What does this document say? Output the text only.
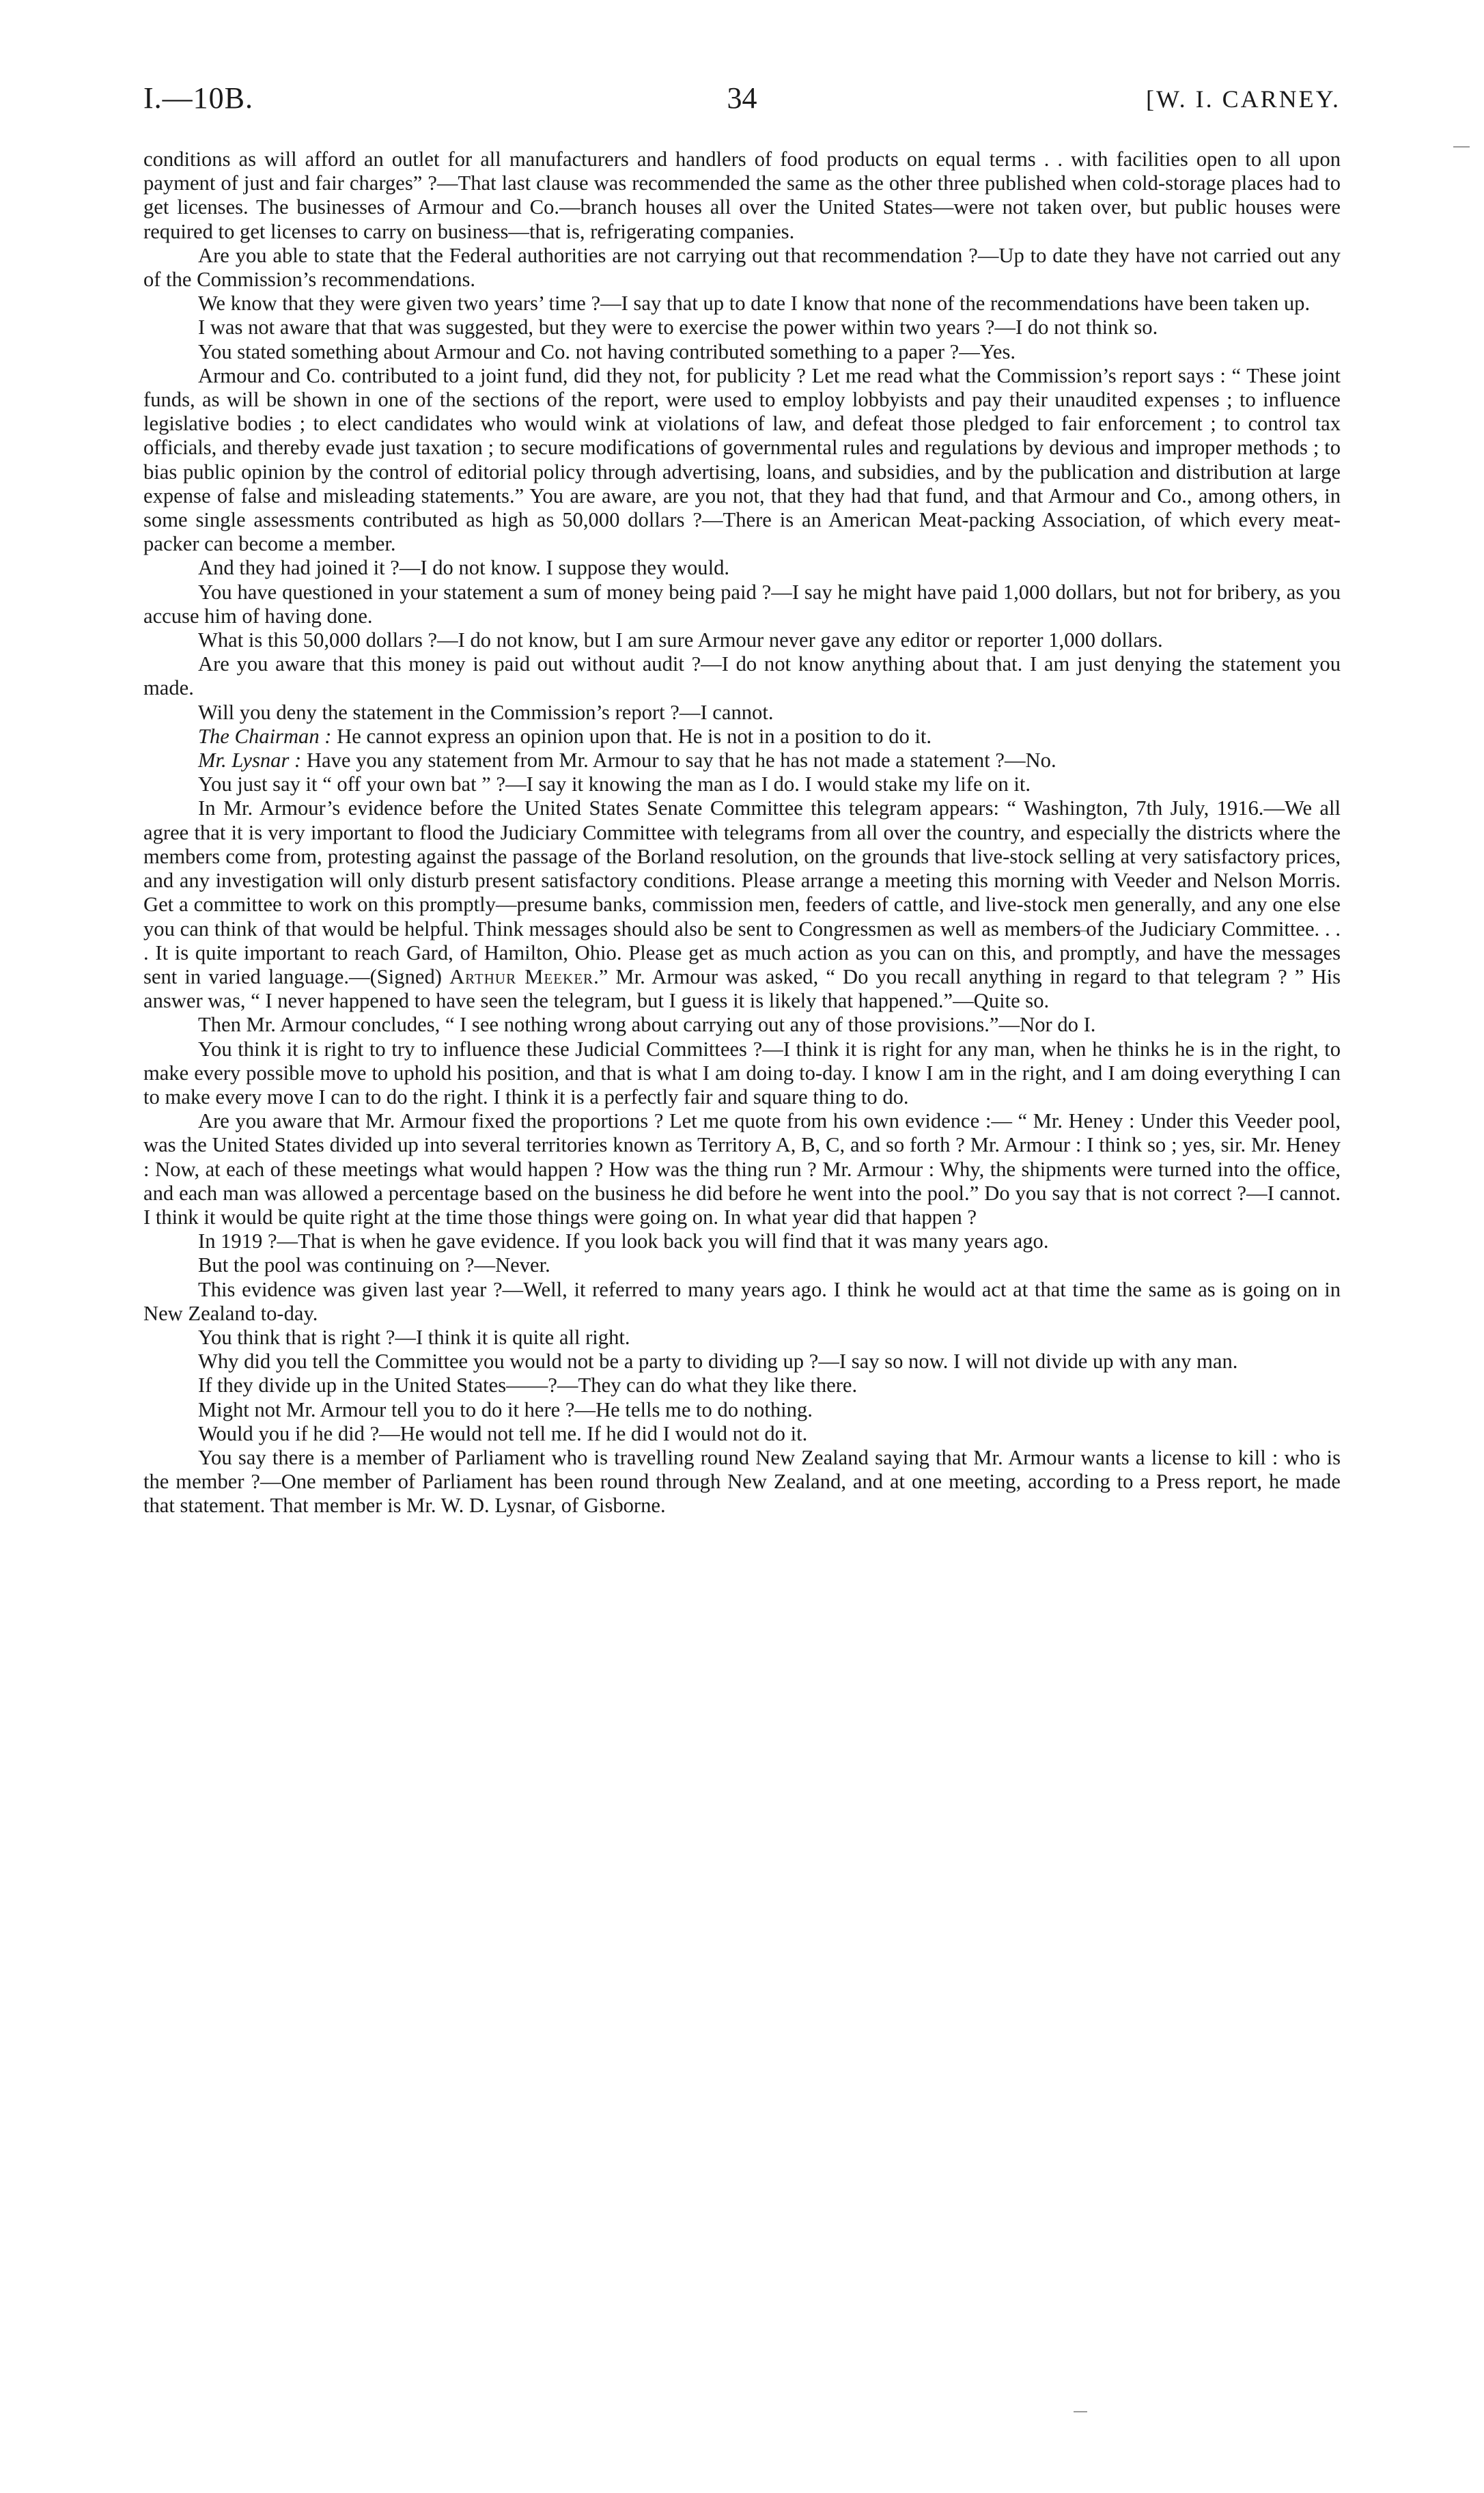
I.—10B.	34	[W. I. CARNEY.

conditions as will afford an outlet for all manufacturers and handlers of food products on equal terms . . with facilities open to all upon payment of just and fair charges” ?—That last clause was recommended the same as the other three published when cold-storage places had to get licenses. The businesses of Armour and Co.—branch houses all over the United States—were not taken over, but public houses were required to get licenses to carry on business—that is, refrigerating companies.

Are you able to state that the Federal authorities are not carrying out that recommendation ?—Up to date they have not carried out any of the Commission’s recommendations.

We know that they were given two years’ time ?—I say that up to date I know that none of the recommendations have been taken up.

I was not aware that that was suggested, but they were to exercise the power within two years ?—I do not think so.

You stated something about Armour and Co. not having contributed something to a paper ?—Yes.

Armour and Co. contributed to a joint fund, did they not, for publicity ? Let me read what the Commission’s report says : “ These joint funds, as will be shown in one of the sections of the report, were used to employ lobbyists and pay their unaudited expenses ; to influence legislative bodies ; to elect candidates who would wink at violations of law, and defeat those pledged to fair enforcement ; to control tax officials, and thereby evade just taxation ; to secure modifications of governmental rules and regulations by devious and improper methods ; to bias public opinion by the control of editorial policy through advertising, loans, and subsidies, and by the publication and distribution at large expense of false and misleading statements.” You are aware, are you not, that they had that fund, and that Armour and Co., among others, in some single assessments contributed as high as 50,000 dollars ?—There is an American Meat-packing Association, of which every meat-packer can become a member.

And they had joined it ?—I do not know. I suppose they would.

You have questioned in your statement a sum of money being paid ?—I say he might have paid 1,000 dollars, but not for bribery, as you accuse him of having done.

What is this 50,000 dollars ?—I do not know, but I am sure Armour never gave any editor or reporter 1,000 dollars.

Are you aware that this money is paid out without audit ?—I do not know anything about that. I am just denying the statement you made.

Will you deny the statement in the Commission’s report ?—I cannot.

The Chairman : He cannot express an opinion upon that. He is not in a position to do it.

Mr. Lysnar : Have you any statement from Mr. Armour to say that he has not made a statement ?—No.

You just say it “ off your own bat ” ?—I say it knowing the man as I do. I would stake my life on it.

In Mr. Armour’s evidence before the United States Senate Committee this telegram appears: “ Washington, 7th July, 1916.—We all agree that it is very important to flood the Judiciary Committee with telegrams from all over the country, and especially the districts where the members come from, protesting against the passage of the Borland resolution, on the grounds that live-stock selling at very satisfactory prices, and any investigation will only disturb present satisfactory conditions. Please arrange a meeting this morning with Veeder and Nelson Morris. Get a committee to work on this promptly—presume banks, commission men, feeders of cattle, and live-stock men generally, and any one else you can think of that would be helpful. Think messages should also be sent to Congressmen as well as members of the Judiciary Committee. . . . It is quite important to reach Gard, of Hamilton, Ohio. Please get as much action as you can on this, and promptly, and have the messages sent in varied language.—(Signed) Arthur Meeker.” Mr. Armour was asked, “ Do you recall anything in regard to that telegram ? ” His answer was, “ I never happened to have seen the telegram, but I guess it is likely that happened.”—Quite so.

Then Mr. Armour concludes, “ I see nothing wrong about carrying out any of those provisions.”—Nor do I.

You think it is right to try to influence these Judicial Committees ?—I think it is right for any man, when he thinks he is in the right, to make every possible move to uphold his position, and that is what I am doing to-day. I know I am in the right, and I am doing everything I can to make every move I can to do the right. I think it is a perfectly fair and square thing to do.

Are you aware that Mr. Armour fixed the proportions ? Let me quote from his own evidence :— “ Mr. Heney : Under this Veeder pool, was the United States divided up into several territories known as Territory A, B, C, and so forth ? Mr. Armour : I think so ; yes, sir. Mr. Heney : Now, at each of these meetings what would happen ? How was the thing run ? Mr. Armour : Why, the shipments were turned into the office, and each man was allowed a percentage based on the business he did before he went into the pool.” Do you say that is not correct ?—I cannot. I think it would be quite right at the time those things were going on. In what year did that happen ?

In 1919 ?—That is when he gave evidence. If you look back you will find that it was many years ago.

But the pool was continuing on ?—Never.

This evidence was given last year ?—Well, it referred to many years ago. I think he would act at that time the same as is going on in New Zealand to-day.

You think that is right ?—I think it is quite all right.

Why did you tell the Committee you would not be a party to dividing up ?—I say so now. I will not divide up with any man.

If they divide up in the United States——?—They can do what they like there.

Might not Mr. Armour tell you to do it here ?—He tells me to do nothing.

Would you if he did ?—He would not tell me. If he did I would not do it.

You say there is a member of Parliament who is travelling round New Zealand saying that Mr. Armour wants a license to kill : who is the member ?—One member of Parliament has been round through New Zealand, and at one meeting, according to a Press report, he made that statement. That member is Mr. W. D. Lysnar, of Gisborne.
